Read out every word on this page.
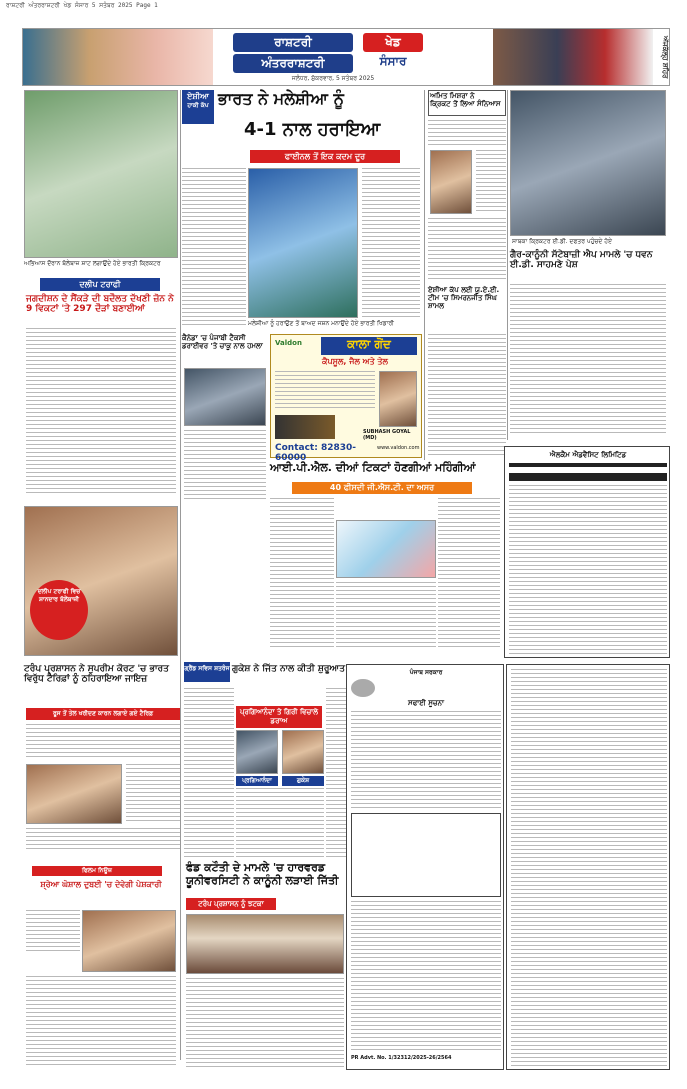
ਰਾਸ਼ਟਰੀ ਅੰਤਰਰਾਸ਼ਟਰੀ ਖੇਡ ਸੰਸਾਰ 5 ਸਤੰਬਰ 2025 Page 1
ਰਾਸ਼ਟਰੀ
ਅੰਤਰਰਾਸ਼ਟਰੀ
ਖੇਡ
ਸੰਸਾਰ
ਜਲੰਧਰ, ਸ਼ੁੱਕਰਵਾਰ, 5 ਸਤੰਬਰ 2025
ਅੱਜਕੱਲ੍ਹ ਸ਼ਹਿਰ
ਅਭਿਆਸ ਦੌਰਾਨ ਬੱਲੇਬਾਜ਼ ਸ਼ਾਟ ਲਗਾਉਂਦੇ ਹੋਏ ਭਾਰਤੀ ਕ੍ਰਿਕਟਰ
ਦਲੀਪ ਟਰਾਫੀ
ਜਗਦੀਸ਼ਨ ਦੇ ਸੈਂਕੜੇ ਦੀ ਬਦੌਲਤ ਦੱਖਣੀ ਜ਼ੋਨ ਨੇ 9 ਵਿਕਟਾਂ 'ਤੇ 297 ਦੌੜਾਂ ਬਣਾਈਆਂ
ਦਲੀਪ ਟਰਾਫੀ ਵਿਚ ਸ਼ਾਨਦਾਰ ਬੱਲੇਬਾਜ਼ੀ
ਏਸ਼ੀਆ
ਹਾਕੀ ਕੱਪ ਭਾਰਤ ਨੇ ਮਲੇਸ਼ੀਆ ਨੂੰ
4-1 ਨਾਲ ਹਰਾਇਆ
ਫਾਈਨਲ ਤੋਂ ਇਕ ਕਦਮ ਦੂਰ
ਮਲੇਸ਼ੀਆ ਨੂੰ ਹਰਾਉਣ ਤੋਂ ਬਾਅਦ ਜਸ਼ਨ ਮਨਾਉਂਦੇ ਹੋਏ ਭਾਰਤੀ ਖਿਡਾਰੀ
ਕੈਨੇਡਾ 'ਚ ਪੰਜਾਬੀ ਟੈਕਸੀ ਡਰਾਈਵਰ 'ਤੇ ਚਾਕੂ ਨਾਲ ਹਮਲਾ	Valdon	ਕਾਲਾ ਗੋਂਦ
ਕੈਪਸੂਲ, ਜੈਲ ਅਤੇ ਤੇਲ
SUBHASH GOYAL (MD)
Contact: 82830-60000
www.valdon.com
ਆਈ.ਪੀ.ਐਲ. ਦੀਆਂ ਟਿਕਟਾਂ ਹੋਣਗੀਆਂ ਮਹਿੰਗੀਆਂ
40 ਫੀਸਦੀ ਜੀ.ਐਸ.ਟੀ. ਦਾ ਅਸਰ
ਅਮਿਤ ਮਿਸ਼ਰਾ ਨੇ
ਕ੍ਰਿਕਟ ਤੋਂ ਲਿਆ ਸੰਨਿਆਸ
ਏਸ਼ੀਆ ਕੱਪ ਲਈ ਯੂ.ਏ.ਈ. ਟੀਮ 'ਚ ਸਿਮਰਨਜੀਤ ਸਿੰਘ ਸ਼ਾਮਲ
ਸਾਬਕਾ ਕ੍ਰਿਕਟਰ ਈ.ਡੀ. ਦਫਤਰ ਪਹੁੰਚਦੇ ਹੋਏ
ਗੈਰ-ਕਾਨੂੰਨੀ ਸੱਟੇਬਾਜ਼ੀ ਐਪ ਮਾਮਲੇ 'ਚ ਧਵਨ ਈ.ਡੀ. ਸਾਹਮਣੇ ਪੇਸ਼
ਐਲਕੈਮ ਐਡਵੈਂਸਿਟ ਲਿਮਿਟਿਡ
ਟਰੰਪ ਪ੍ਰਸ਼ਾਸਨ ਨੇ ਸੁਪਰੀਮ ਕੋਰਟ 'ਚ ਭਾਰਤ
ਵਿਰੁੱਧ ਟੈਰਿਫ਼ਾਂ ਨੂੰ ਠਹਿਰਾਇਆ ਜਾਇਜ਼
ਰੂਸ ਤੋਂ ਤੇਲ ਖਰੀਦਣ ਕਾਰਨ ਲਗਾਏ ਗਏ ਟੈਰਿਫ਼
ਗ੍ਰੈਂਡ ਸਵਿਸ ਸ਼ਤਰੰਜ ਗੁਕੇਸ਼ ਨੇ ਜਿੱਤ ਨਾਲ ਕੀਤੀ ਸ਼ੁਰੂਆਤ
ਪ੍ਰਗਿਆਨੰਦਾ ਤੇ ਗਿਰੀ ਵਿਚਾਲੇ ਡਰਾਅ
ਪ੍ਰਗਿਆਨੰਦਾ	ਗੁਕੇਸ਼
ਪੰਜਾਬ ਸਰਕਾਰ
ਸਫਾਈ ਸੂਚਨਾ
PR Advt. No. 1/32312/2025-26/2564
ਫਿਲਮ ਨਿਊਜ਼
ਸ਼੍ਰੇਆ ਘੋਸ਼ਾਲ ਦੁਬਈ 'ਚ ਦੇਵੇਗੀ ਪੇਸ਼ਕਾਰੀ
ਫੰਡ ਕਟੌਤੀ ਦੇ ਮਾਮਲੇ 'ਚ ਹਾਰਵਰਡ
ਯੂਨੀਵਰਸਿਟੀ ਨੇ ਕਾਨੂੰਨੀ ਲੜਾਈ ਜਿੱਤੀ
ਟਰੰਪ ਪ੍ਰਸ਼ਾਸਨ ਨੂੰ ਝਟਕਾ
